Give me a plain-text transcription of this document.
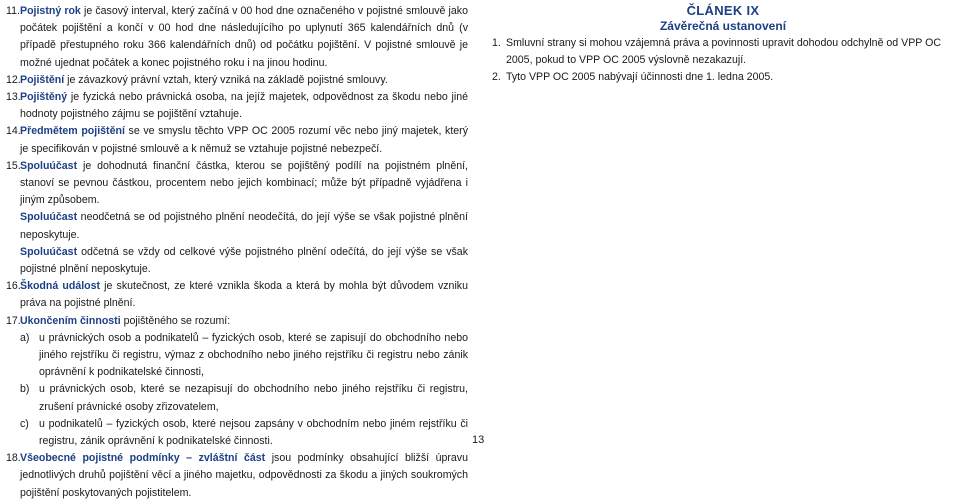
11. Pojistný rok je časový interval, který začíná v 00 hod dne označeného v pojistné smlouvě jako počátek pojištění a končí v 00 hod dne následujícího po uplynutí 365 kalendářních dnů (v případě přestupného roku 366 kalendářních dnů) od počátku pojištění. V pojistné smlouvě je možné ujednat počátek a konec pojistného roku i na jinou hodinu.

12. Pojištění je závazkový právní vztah, který vzniká na základě pojistné smlouvy.

13. Pojištěný je fyzická nebo právnická osoba, na jejíž majetek, odpovědnost za škodu nebo jiné hodnoty pojistného zájmu se pojištění vztahuje.

14. Předmětem pojištění se ve smyslu těchto VPP OC 2005 rozumí věc nebo jiný majetek, který je specifikován v pojistné smlouvě a k němuž se vztahuje pojistné nebezpečí.

15. Spoluúčast je dohodnutá finanční částka, kterou se pojištěný podílí na pojistném plnění, stanoví se pevnou částkou, procentem nebo jejich kombinací; může být případně vyjádřena i jiným způsobem.

Spoluúčast neodčetná se od pojistného plnění neodečítá, do její výše se však pojistné plnění neposkytuje.

Spoluúčast odčetná se vždy od celkové výše pojistného plnění odečítá, do její výše se však pojistné plnění neposkytuje.

16. Škodná událost je skutečnost, ze které vznikla škoda a která by mohla být důvodem vzniku práva na pojistné plnění.

17. Ukončením činnosti pojištěného se rozumí:

a) u právnických osob a podnikatelů – fyzických osob, které se zapisují do obchodního nebo jiného rejstříku či registru, výmaz z obchodního nebo jiného rejstříku či registru nebo zánik oprávnění k podnikatelské činnosti,

b) u právnických osob, které se nezapisují do obchodního nebo jiného rejstříku či registru, zrušení právnické osoby zřizovatelem,

c) u podnikatelů – fyzických osob, které nejsou zapsány v obchodním nebo jiném rejstříku či registru, zánik oprávnění k podnikatelské činnosti.

18. Všeobecné pojistné podmínky – zvláštní část jsou podmínky obsahující bližší úpravu jednotlivých druhů pojištění věcí a jiného majetku, odpovědnosti za škodu a jiných soukromých pojištění poskytovaných pojistitelem.

ČLÁNEK IX
Závěrečná ustanovení
1. Smluvní strany si mohou vzájemná práva a povinnosti upravit dohodou odchylně od VPP OC 2005, pokud to VPP OC 2005 výslovně nezakazují.
2. Tyto VPP OC 2005 nabývají účinnosti dne 1. ledna 2005.
13
